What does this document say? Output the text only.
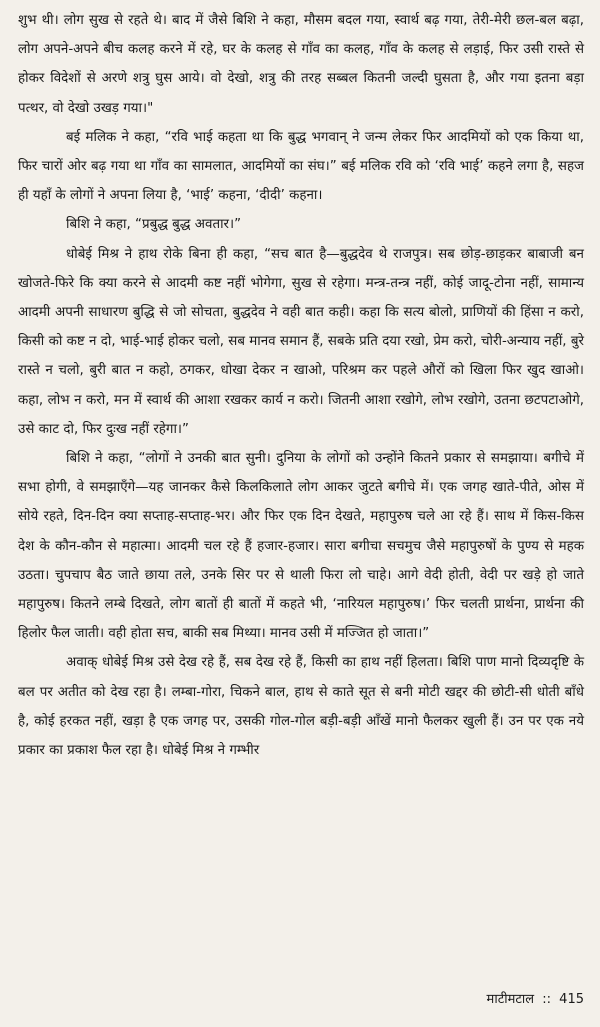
शुभ थी। लोग सुख से रहते थे। बाद में जैसे बिशि ने कहा, मौसम बदल गया, स्वार्थ बढ़ गया, तेरी-मेरी छल-बल बढ़ा, लोग अपने-अपने बीच कलह करने में रहे, घर के कलह से गाँव का कलह, गाँव के कलह से लड़ाई, फिर उसी रास्ते से होकर विदेशों से अरणे शत्रु घुस आये। वो देखो, शत्रु की तरह सब्बल कितनी जल्दी घुसता है, और गया इतना बड़ा पत्थर, वो देखो उखड़ गया।"

बई मलिक ने कहा, “रवि भाई कहता था कि बुद्ध भगवान् ने जन्म लेकर फिर आदमियों को एक किया था, फिर चारों ओर बढ़ गया था गाँव का सामलात, आदमियों का संघ।” बई मलिक रवि को ‘रवि भाई’ कहने लगा है, सहज ही यहाँ के लोगों ने अपना लिया है, ‘भाई’ कहना, ‘दीदी’ कहना।

बिशि ने कहा, “प्रबुद्ध बुद्ध अवतार।”

धोबेई मिश्र ने हाथ रोके बिना ही कहा, “सच बात है—बुद्धदेव थे राजपुत्र। सब छोड़-छाड़कर बाबाजी बन खोजते-फिरे कि क्या करने से आदमी कष्ट नहीं भोगेगा, सुख से रहेगा। मन्त्र-तन्त्र नहीं, कोई जादू-टोना नहीं, सामान्य आदमी अपनी साधारण बुद्धि से जो सोचता, बुद्धदेव ने वही बात कही। कहा कि सत्य बोलो, प्राणियों की हिंसा न करो, किसी को कष्ट न दो, भाई-भाई होकर चलो, सब मानव समान हैं, सबके प्रति दया रखो, प्रेम करो, चोरी-अन्याय नहीं, बुरे रास्ते न चलो, बुरी बात न कहो, ठगकर, धोखा देकर न खाओ, परिश्रम कर पहले औरों को खिला फिर खुद खाओ। कहा, लोभ न करो, मन में स्वार्थ की आशा रखकर कार्य न करो। जितनी आशा रखोगे, लोभ रखोगे, उतना छटपटाओगे, उसे काट दो, फिर दुःख नहीं रहेगा।”

बिशि ने कहा, “लोगों ने उनकी बात सुनी। दुनिया के लोगों को उन्होंने कितने प्रकार से समझाया। बगीचे में सभा होगी, वे समझाएँगे—यह जानकर कैसे किलकिलाते लोग आकर जुटते बगीचे में। एक जगह खाते-पीते, ओस में सोये रहते, दिन-दिन क्या सप्ताह-सप्ताह-भर। और फिर एक दिन देखते, महापुरुष चले आ रहे हैं। साथ में किस-किस देश के कौन-कौन से महात्मा। आदमी चल रहे हैं हजार-हजार। सारा बगीचा सचमुच जैसे महापुरुषों के पुण्य से महक उठता। चुपचाप बैठ जाते छाया तले, उनके सिर पर से थाली फिरा लो चाहे। आगे वेदी होती, वेदी पर खड़े हो जाते महापुरुष। कितने लम्बे दिखते, लोग बातों ही बातों में कहते भी, ‘नारियल महापुरुष।’ फिर चलती प्रार्थना, प्रार्थना की हिलोर फैल जाती। वही होता सच, बाकी सब मिथ्या। मानव उसी में मज्जित हो जाता।”

अवाक् धोबेई मिश्र उसे देख रहे हैं, सब देख रहे हैं, किसी का हाथ नहीं हिलता। बिशि पाण मानो दिव्यदृष्टि के बल पर अतीत को देख रहा है। लम्बा-गोरा, चिकने बाल, हाथ से काते सूत से बनी मोटी खद्दर की छोटी-सी धोती बाँधे है, कोई हरकत नहीं, खड़ा है एक जगह पर, उसकी गोल-गोल बड़ी-बड़ी आँखें मानो फैलकर खुली हैं। उन पर एक नये प्रकार का प्रकाश फैल रहा है। धोबेई मिश्र ने गम्भीर

माटीमटाल :: 415
